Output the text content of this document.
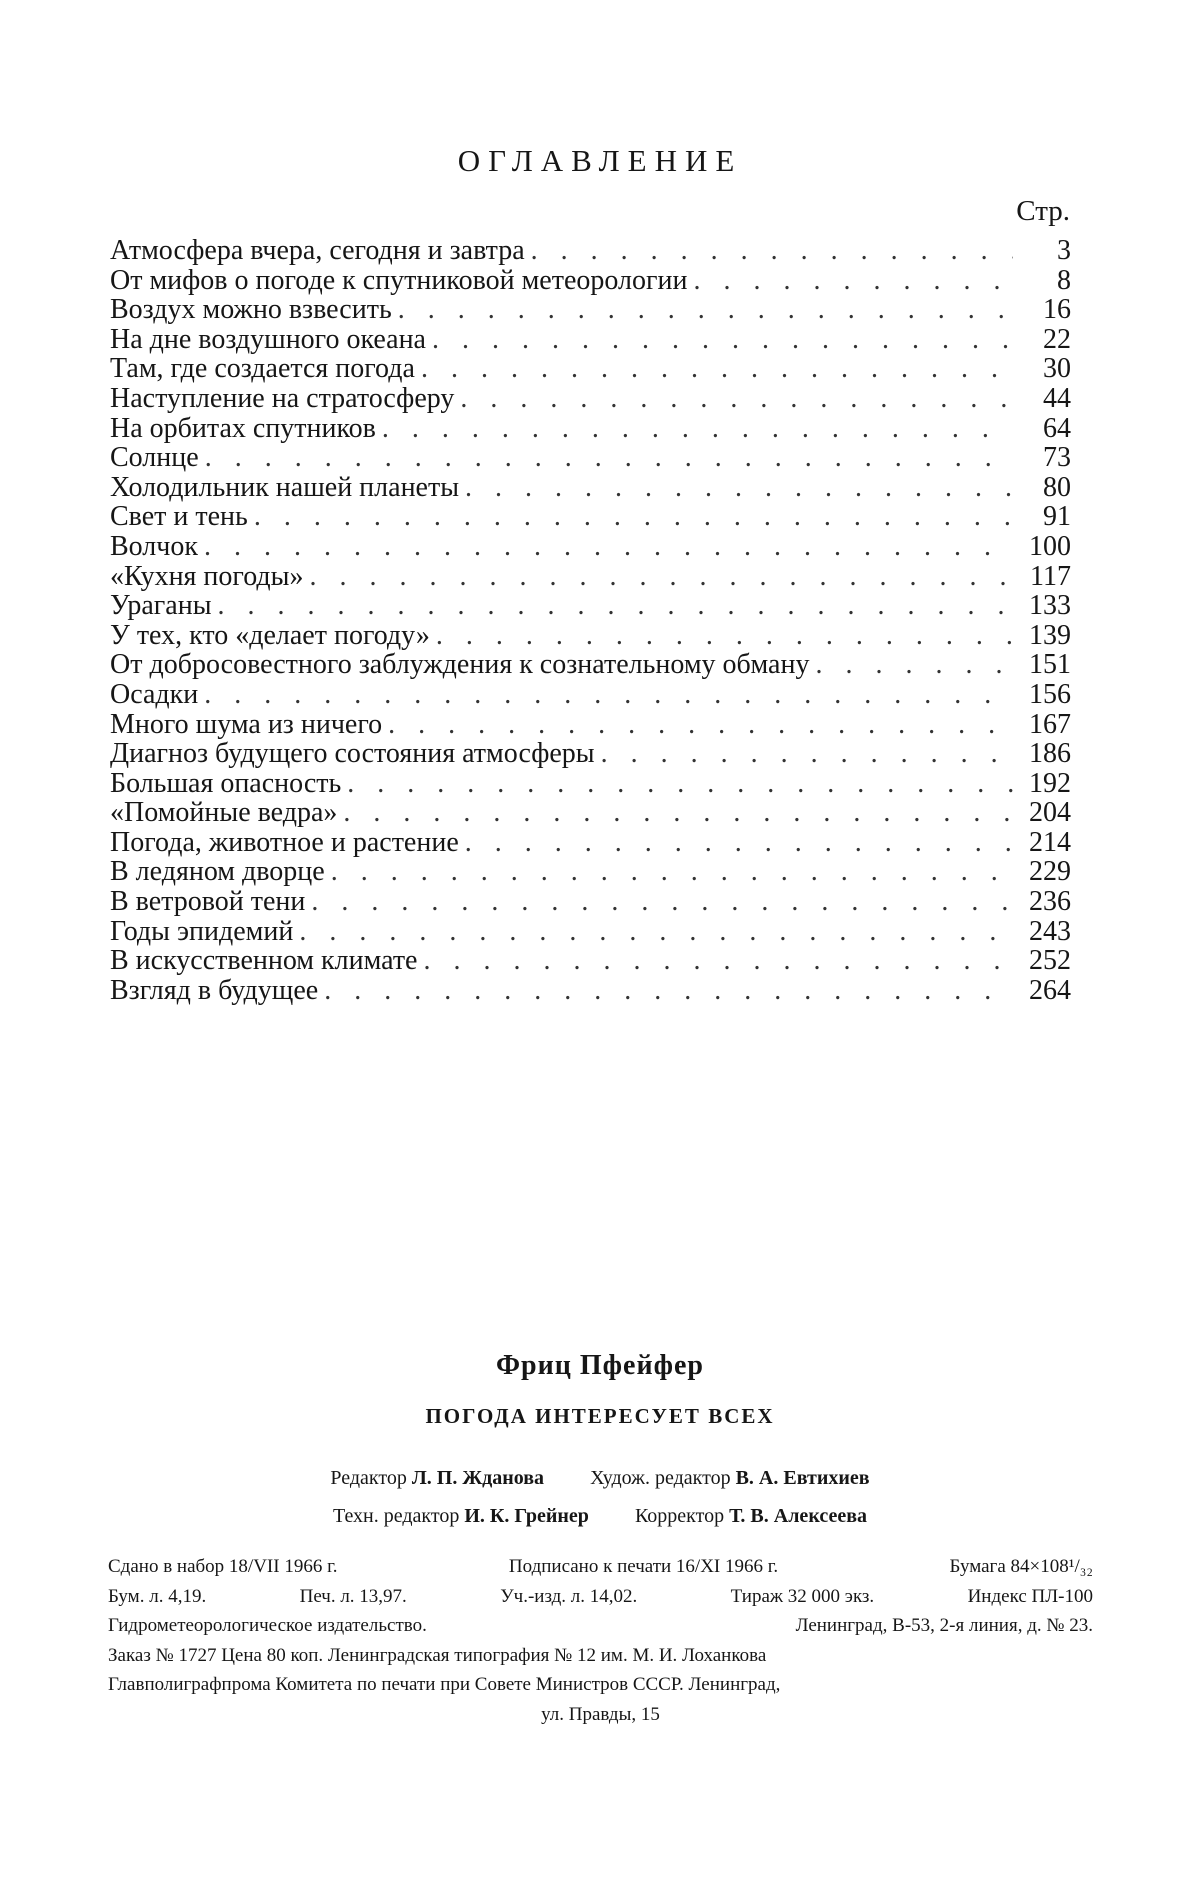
ОГЛАВЛЕНИЕ
Стр.
Атмосфера вчера, сегодня и завтра . . .	3
От мифов о погоде к спутниковой метеорологии . . .	8
Воздух можно взвесить . . .	16
На дне воздушного океана . . .	22
Там, где создается погода . . .	30
Наступление на стратосферу . . .	44
На орбитах спутников . . .	64
Солнце . . .	73
Холодильник нашей планеты . . .	80
Свет и тень . . .	91
Волчок . . .	100
«Кухня погоды» . . .	117
Ураганы . . .	133
У тех, кто «делает погоду» . . .	139
От добросовестного заблуждения к сознательному обману . . .	151
Осадки . . .	156
Много шума из ничего . . .	167
Диагноз будущего состояния атмосферы . . .	186
Большая опасность . . .	192
«Помойные ведра» . . .	204
Погода, животное и растение . . .	214
В ледяном дворце . . .	229
В ветровой тени . . .	236
Годы эпидемий . . .	243
В искусственном климате . . .	252
Взгляд в будущее . . .	264

Фриц Пфейфер

ПОГОДА ИНТЕРЕСУЕТ ВСЕХ

Редактор Л. П. Жданова Худож. редактор В. А. Евтихиев
Техн. редактор И. К. Грейнер Корректор Т. В. Алексеева
Сдано в набор 18/VII 1966 г.	Подписано к печати 16/XI 1966 г.	Бумага 84×108¹/₃₂
Бум. л. 4,19.	Печ. л. 13,97.	Уч.-изд. л. 14,02.	Тираж 32 000 экз.	Индекс ПЛ-100
Гидрометеорологическое издательство.	Ленинград, В-53, 2-я линия, д. № 23.
Заказ № 1727 Цена 80 коп. Ленинградская типография № 12 им. М. И. Лоханкова
Главполиграфпрома Комитета по печати при Совете Министров СССР. Ленинград,
ул. Правды, 15
